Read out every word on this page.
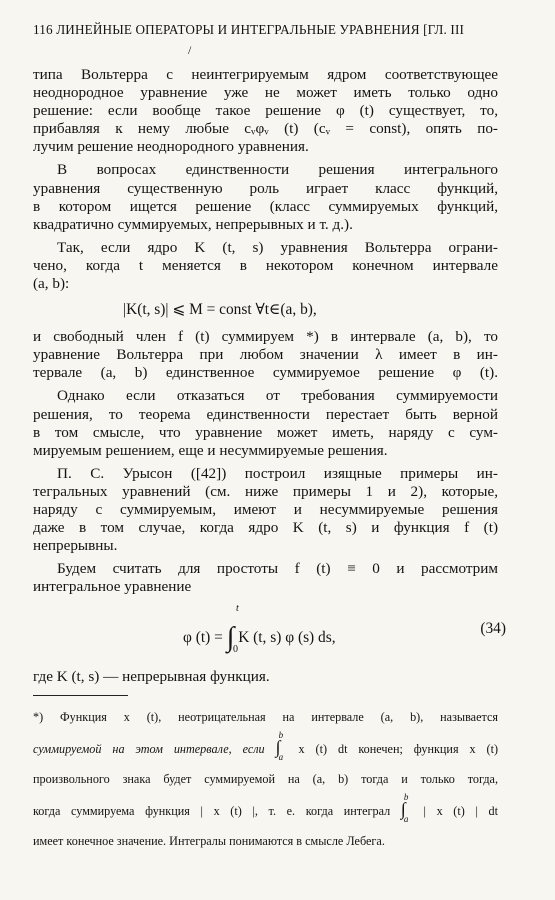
116 ЛИНЕЙНЫЕ ОПЕРАТОРЫ И ИНТЕГРАЛЬНЫЕ УРАВНЕНИЯ [ГЛ. III
/

типа Вольтерра с неинтегрируемым ядром соответствующее
неоднородное уравнение уже не может иметь только одно
решение: если вообще такое решение φ (t) существует, то,
прибавляя к нему любые cᵥφᵥ (t) (cᵥ = const), опять по-
лучим решение неоднородного уравнения.

В вопросах единственности решения интегрального
уравнения существенную роль играет класс функций,
в котором ищется решение (класс суммируемых функций,
квадратично суммируемых, непрерывных и т. д.).

Так, если ядро K (t, s) уравнения Вольтерра ограни-
чено, когда t меняется в некотором конечном интервале
(a, b):

|K(t, s)| ⩽ M = const ∀t∈(a, b),

и свободный член f (t) суммируем *) в интервале (a, b), то
уравнение Вольтерра при любом значении λ имеет в ин-
тервале (a, b) единственное суммируемое решение φ (t).

Однако если отказаться от требования суммируемости
решения, то теорема единственности перестает быть верной
в том смысле, что уравнение может иметь, наряду с сум-
мируемым решением, еще и несуммируемые решения.

П. С. Урысон ([42]) построил изящные примеры ин-
тегральных уравнений (см. ниже примеры 1 и 2), которые,
наряду с суммируемым, имеют и несуммируемые решения
даже в том случае, когда ядро K (t, s) и функция f (t)
непрерывны.

Будем считать для простоты f (t) ≡ 0 и рассмотрим
интегральное уравнение

φ (t) = ∫ K (t, s) φ (s) ds,
t
0
(34)

где K (t, s) — непрерывная функция.

*) Функция x (t), неотрицательная на интервале (a, b), называется
суммируемой на этом интервале, если ∫
b
a
x (t) dt конечен; функция x (t)
произвольного знака будет суммируемой на (a, b) тогда и только тогда,
когда суммируема функция | x (t) |, т. е. когда интеграл ∫
b
a
| x (t) | dt
имеет конечное значение. Интегралы понимаются в смысле Лебега.
